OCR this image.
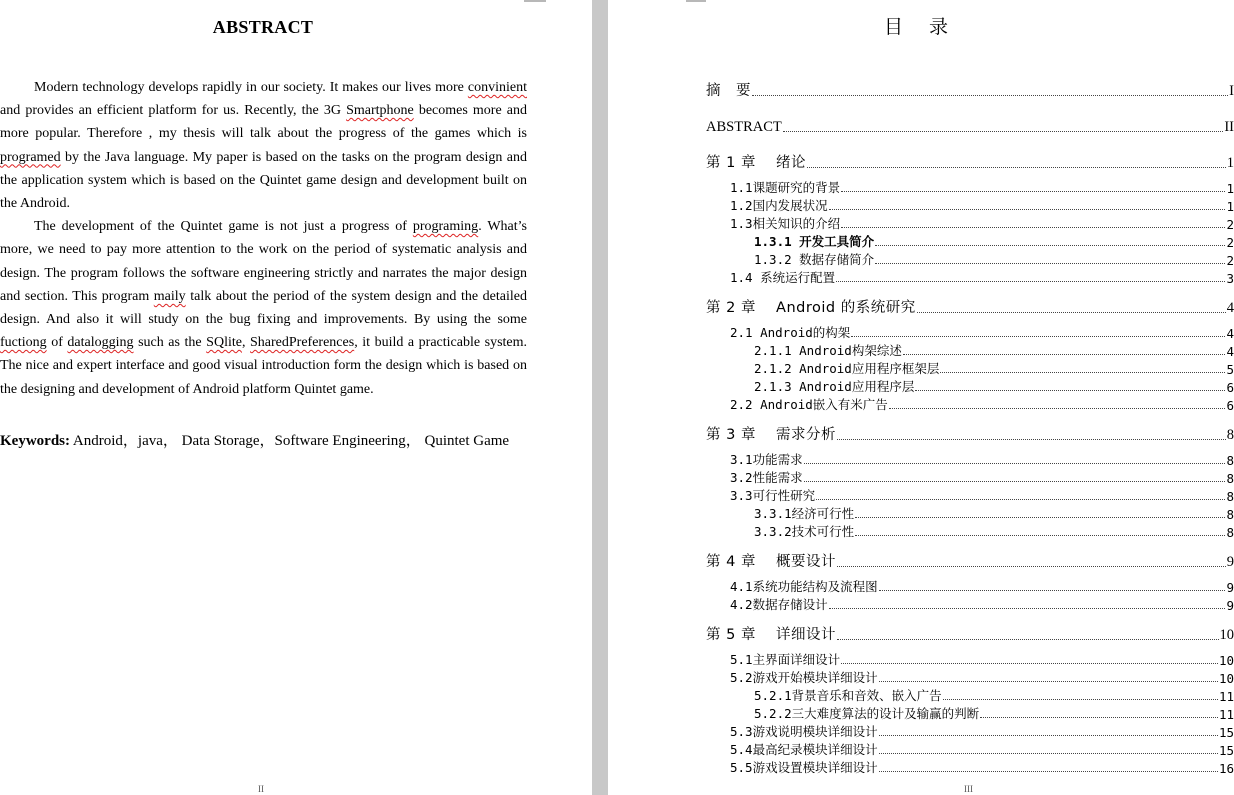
ABSTRACT

Modern technology develops rapidly in our society. It makes our lives more convinient and provides an efficient platform for us. Recently, the 3G Smartphone becomes more and more popular. Therefore , my thesis will talk about the progress of the games which is programed by the Java language. My paper is based on the tasks on the program design and the application system which is based on the Quintet game design and development built on the Android.

The development of the Quintet game is not just a progress of programing. What’s more, we need to pay more attention to the work on the period of systematic analysis and design. The program follows the software engineering strictly and narrates the major design and section. This program maily talk about the period of the system design and the detailed design. And also it will study on the bug fixing and improvements. By using the some fuctiong of datalogging such as the SQlite, SharedPreferences, it build a practicable system. The nice and expert interface and good visual introduction form the design which is based on the designing and development of Android platform Quintet game.

Keywords: Android，java， Data Storage，Software Engineering， Quintet Game
II
目 录
摘　要	I
ABSTRACT	II
第 1 章　 绪论	1
1.1课题研究的背景	1
1.2国内发展状况	1
1.3相关知识的介绍	2
1.3.1 开发工具简介	2
1.3.2 数据存储简介	2
1.4 系统运行配置	3
第 2 章　 Android 的系统研究	4
2.1 Android的构架	4
2.1.1 Android构架综述	4
2.1.2 Android应用程序框架层	5
2.1.3 Android应用程序层	6
2.2 Android嵌入有米广告	6
第 3 章　 需求分析	8
3.1功能需求	8
3.2性能需求	8
3.3可行性研究	8
3.3.1经济可行性	8
3.3.2技术可行性	8
第 4 章　 概要设计	9
4.1系统功能结构及流程图	9
4.2数据存储设计	9
第 5 章　 详细设计	10
5.1主界面详细设计	10
5.2游戏开始模块详细设计	10
5.2.1背景音乐和音效、嵌入广告	11
5.2.2三大难度算法的设计及输赢的判断	11
5.3游戏说明模块详细设计	15
5.4最高纪录模块详细设计	15
5.5游戏设置模块详细设计	16
III
